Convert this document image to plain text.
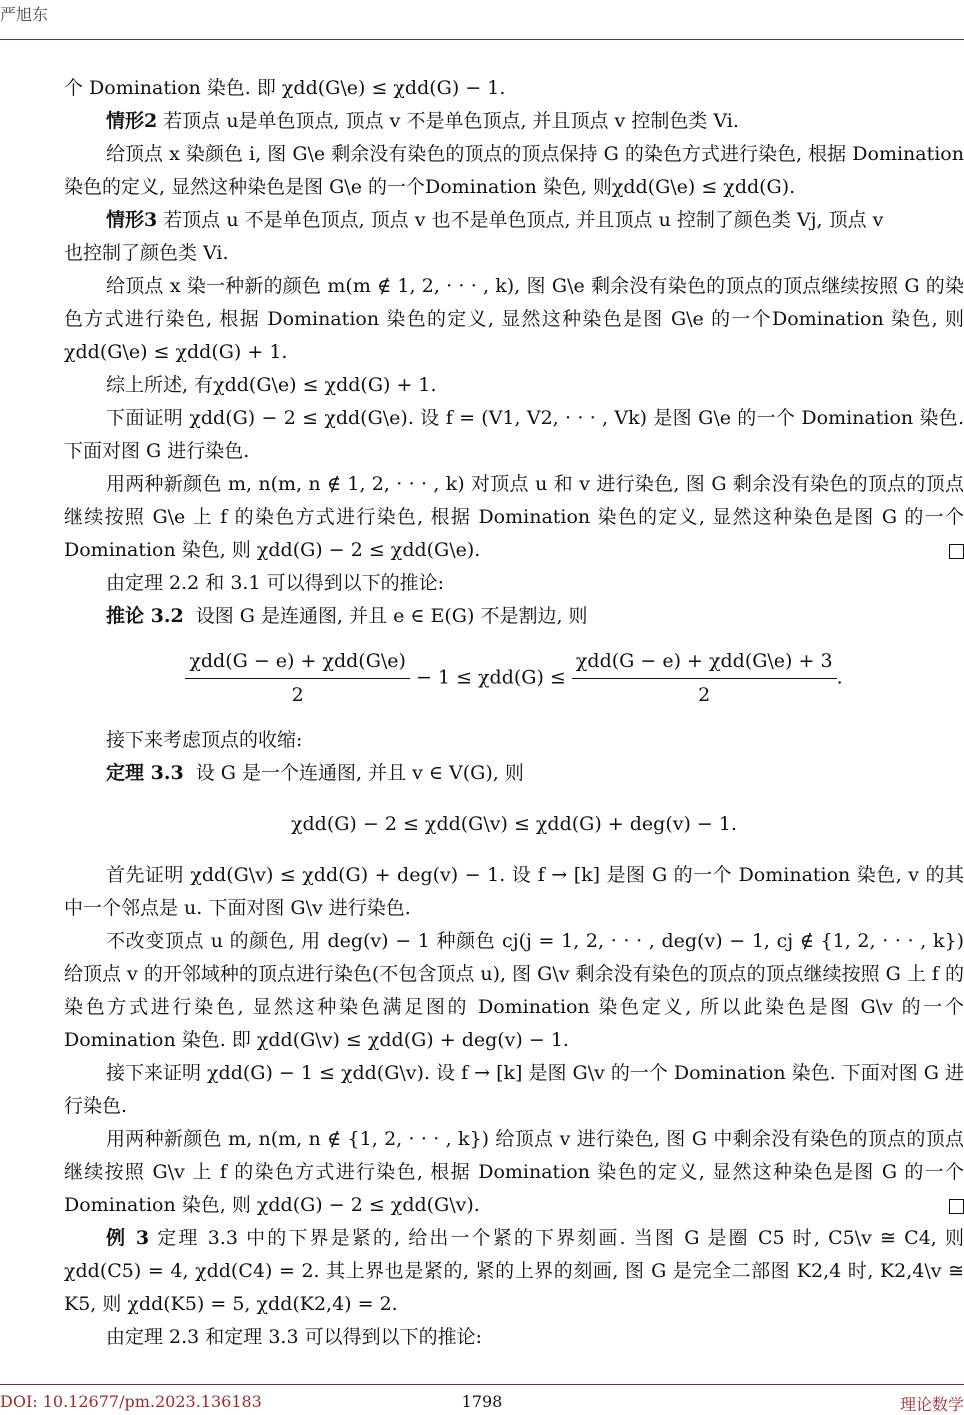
严旭东

个 Domination 染色. 即 χdd(G\e) ≤ χdd(G) − 1.

情形2 若顶点 u是单色顶点, 顶点 v 不是单色顶点, 并且顶点 v 控制色类 Vi.

给顶点 x 染颜色 i, 图 G\e 剩余没有染色的顶点的顶点保持 G 的染色方式进行染色, 根据 Domination 染色的定义, 显然这种染色是图 G\e 的一个Domination 染色, 则χdd(G\e) ≤ χdd(G).

情形3 若顶点 u 不是单色顶点, 顶点 v 也不是单色顶点, 并且顶点 u 控制了颜色类 Vj, 顶点 v

也控制了颜色类 Vi.

给顶点 x 染一种新的颜色 m(m ∉ 1, 2, · · · , k), 图 G\e 剩余没有染色的顶点的顶点继续按照 G 的染色方式进行染色, 根据 Domination 染色的定义, 显然这种染色是图 G\e 的一个Domination 染色, 则χdd(G\e) ≤ χdd(G) + 1.

综上所述, 有χdd(G\e) ≤ χdd(G) + 1.

下面证明 χdd(G) − 2 ≤ χdd(G\e). 设 f = (V1, V2, · · · , Vk) 是图 G\e 的一个 Domination 染色. 下面对图 G 进行染色.

用两种新颜色 m, n(m, n ∉ 1, 2, · · · , k) 对顶点 u 和 v 进行染色, 图 G 剩余没有染色的顶点的顶点继续按照 G\e 上 f 的染色方式进行染色, 根据 Domination 染色的定义, 显然这种染色是图 G 的一个Domination 染色, 则 χdd(G) − 2 ≤ χdd(G\e).

由定理 2.2 和 3.1 可以得到以下的推论:

推论 3.2 设图 G 是连通图, 并且 e ∈ E(G) 不是割边, 则

$\frac{\text{χdd(G − e) + χdd(G\textbackslash{}e)}}{2} - 1 \le \chi dd(G) \le \frac{\text{χdd(G − e) + χdd(G\textbackslash{}e) + 3}}{2}$ .

接下来考虑顶点的收缩:

定理 3.3 设 G 是一个连通图, 并且 v ∈ V(G), 则

χdd(G) − 2 ≤ χdd(G\v) ≤ χdd(G) + deg(v) − 1.

首先证明 χdd(G\v) ≤ χdd(G) + deg(v) − 1. 设 f → [k] 是图 G 的一个 Domination 染色, v 的其中一个邻点是 u. 下面对图 G\v 进行染色.

不改变顶点 u 的颜色, 用 deg(v) − 1 种颜色 cj(j = 1, 2, · · · , deg(v) − 1, cj ∉ {1, 2, · · · , k}) 给顶点 v 的开邻域种的顶点进行染色(不包含顶点 u), 图 G\v 剩余没有染色的顶点的顶点继续按照 G 上 f 的染色方式进行染色, 显然这种染色满足图的 Domination 染色定义, 所以此染色是图 G\v 的一个 Domination 染色. 即 χdd(G\v) ≤ χdd(G) + deg(v) − 1.

接下来证明 χdd(G) − 1 ≤ χdd(G\v). 设 f → [k] 是图 G\v 的一个 Domination 染色. 下面对图 G 进行染色.

用两种新颜色 m, n(m, n ∉ {1, 2, · · · , k}) 给顶点 v 进行染色, 图 G 中剩余没有染色的顶点的顶点继续按照 G\v 上 f 的染色方式进行染色, 根据 Domination 染色的定义, 显然这种染色是图 G 的一个Domination 染色, 则 χdd(G) − 2 ≤ χdd(G\v).

例 3 定理 3.3 中的下界是紧的, 给出一个紧的下界刻画. 当图 G 是圈 C5 时, C5\v ≅ C4, 则 χdd(C5) = 4, χdd(C4) = 2. 其上界也是紧的, 紧的上界的刻画, 图 G 是完全二部图 K2,4 时, K2,4\v ≅ K5, 则 χdd(K5) = 5, χdd(K2,4) = 2.

由定理 2.3 和定理 3.3 可以得到以下的推论:

DOI: 10.12677/pm.2023.136183	1798	理论数学
